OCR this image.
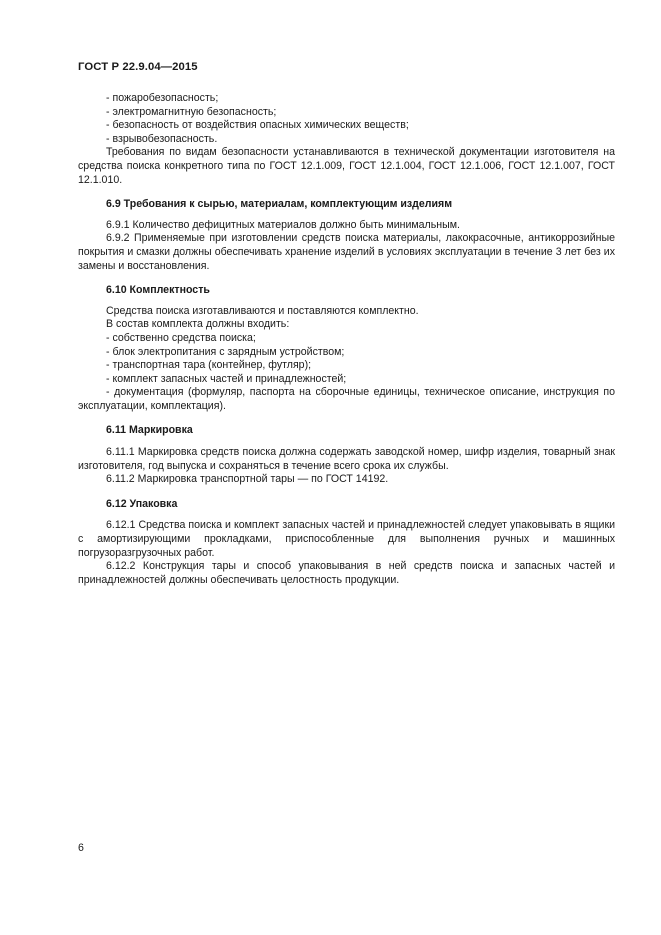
ГОСТ Р 22.9.04—2015

- пожаробезопасность;

- электромагнитную безопасность;

- безопасность от воздействия опасных химических веществ;

- взрывобезопасность.

Требования по видам безопасности устанавливаются в технической документации изготовителя на средства поиска конкретного типа по ГОСТ 12.1.009, ГОСТ 12.1.004, ГОСТ 12.1.006, ГОСТ 12.1.007, ГОСТ 12.1.010.

6.9 Требования к сырью, материалам, комплектующим изделиям

6.9.1 Количество дефицитных материалов должно быть минимальным.

6.9.2 Применяемые при изготовлении средств поиска материалы, лакокрасочные, антикоррозийные покрытия и смазки должны обеспечивать хранение изделий в условиях эксплуатации в течение 3 лет без их замены и восстановления.

6.10 Комплектность

Средства поиска изготавливаются и поставляются комплектно.

В состав комплекта должны входить:

- собственно средства поиска;

- блок электропитания с зарядным устройством;

- транспортная тара (контейнер, футляр);

- комплект запасных частей и принадлежностей;

- документация (формуляр, паспорта на сборочные единицы, техническое описание, инструкция по эксплуатации, комплектация).

6.11 Маркировка

6.11.1 Маркировка средств поиска должна содержать заводской номер, шифр изделия, товарный знак изготовителя, год выпуска и сохраняться в течение всего срока их службы.

6.11.2 Маркировка транспортной тары — по ГОСТ 14192.

6.12 Упаковка

6.12.1 Средства поиска и комплект запасных частей и принадлежностей следует упаковывать в ящики с амортизирующими прокладками, приспособленные для выполнения ручных и машинных погрузоразгрузочных работ.

6.12.2 Конструкция тары и способ упаковывания в ней средств поиска и запасных частей и принадлежностей должны обеспечивать целостность продукции.

6
